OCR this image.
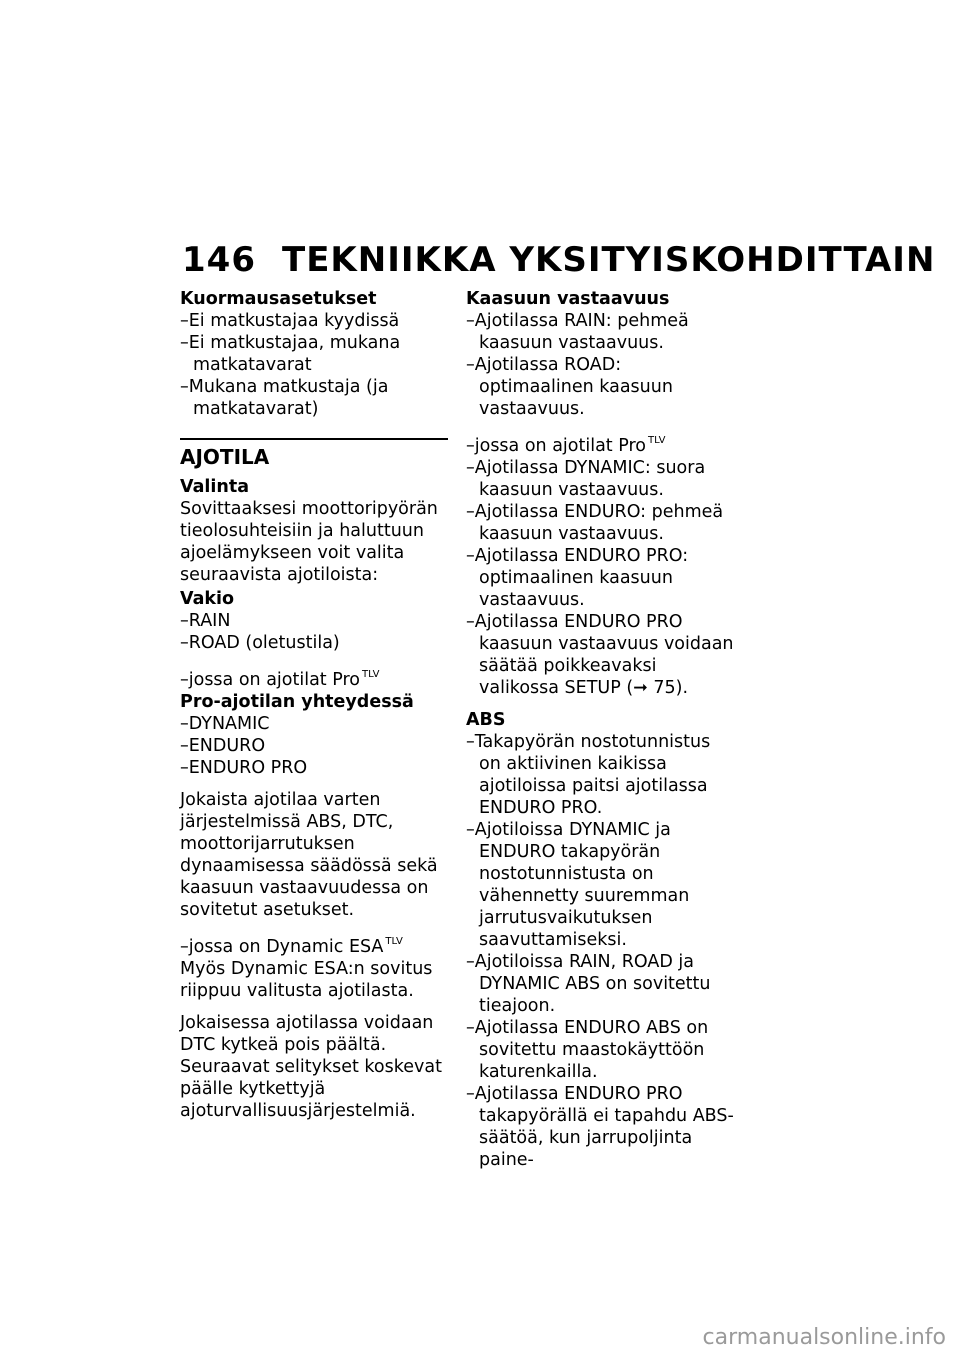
146 TEKNIIKKA YKSITYISKOHDITTAIN

Kuormausasetukset

–Ei matkustajaa kyydissä

–Ei matkustajaa, mukana matkatavarat

–Mukana matkustaja (ja matkatavarat)

AJOTILA

Valinta

Sovittaaksesi moottoripyörän tieolosuhteisiin ja haluttuun ajoelämykseen voit valita seuraavista ajotiloista:

Vakio

–RAIN

–ROAD (oletustila)

–jossa on ajotilat Pro $^{TLV}$

Pro-ajotilan yhteydessä

–DYNAMIC

–ENDURO

–ENDURO PRO

Jokaista ajotilaa varten järjestelmissä ABS, DTC, moottorijarrutuksen dynaamisessa säädössä sekä kaasuun vastaavuudessa on sovitetut asetukset.

–jossa on Dynamic ESA $^{TLV}$

Myös Dynamic ESA:n sovitus riippuu valitusta ajotilasta.

Jokaisessa ajotilassa voidaan DTC kytkeä pois päältä. Seuraavat selitykset koskevat päälle kytkettyjä ajoturvallisuusjärjestelmiä.

Kaasuun vastaavuus

–Ajotilassa RAIN: pehmeä kaasuun vastaavuus.

–Ajotilassa ROAD: optimaalinen kaasuun vastaavuus.

–jossa on ajotilat Pro $^{TLV}$

–Ajotilassa DYNAMIC: suora kaasuun vastaavuus.

–Ajotilassa ENDURO: pehmeä kaasuun vastaavuus.

–Ajotilassa ENDURO PRO: optimaalinen kaasuun vastaavuus.

–Ajotilassa ENDURO PRO kaasuun vastaavuus voidaan säätää poikkeavaksi valikossa SETUP (➞ 75).

ABS

–Takapyörän nostotunnistus on aktiivinen kaikissa ajotiloissa paitsi ajotilassa ENDURO PRO.

–Ajotiloissa DYNAMIC ja ENDURO takapyörän nostotunnistusta on vähennetty suuremman jarrutusvaikutuksen saavuttamiseksi.

–Ajotiloissa RAIN, ROAD ja DYNAMIC ABS on sovitettu tieajoon.

–Ajotilassa ENDURO ABS on sovitettu maastokäyttöön katurenkailla.

–Ajotilassa ENDURO PRO takapyörällä ei tapahdu ABS-säätöä, kun jarrupoljinta paine-

carmanualsonline.info
